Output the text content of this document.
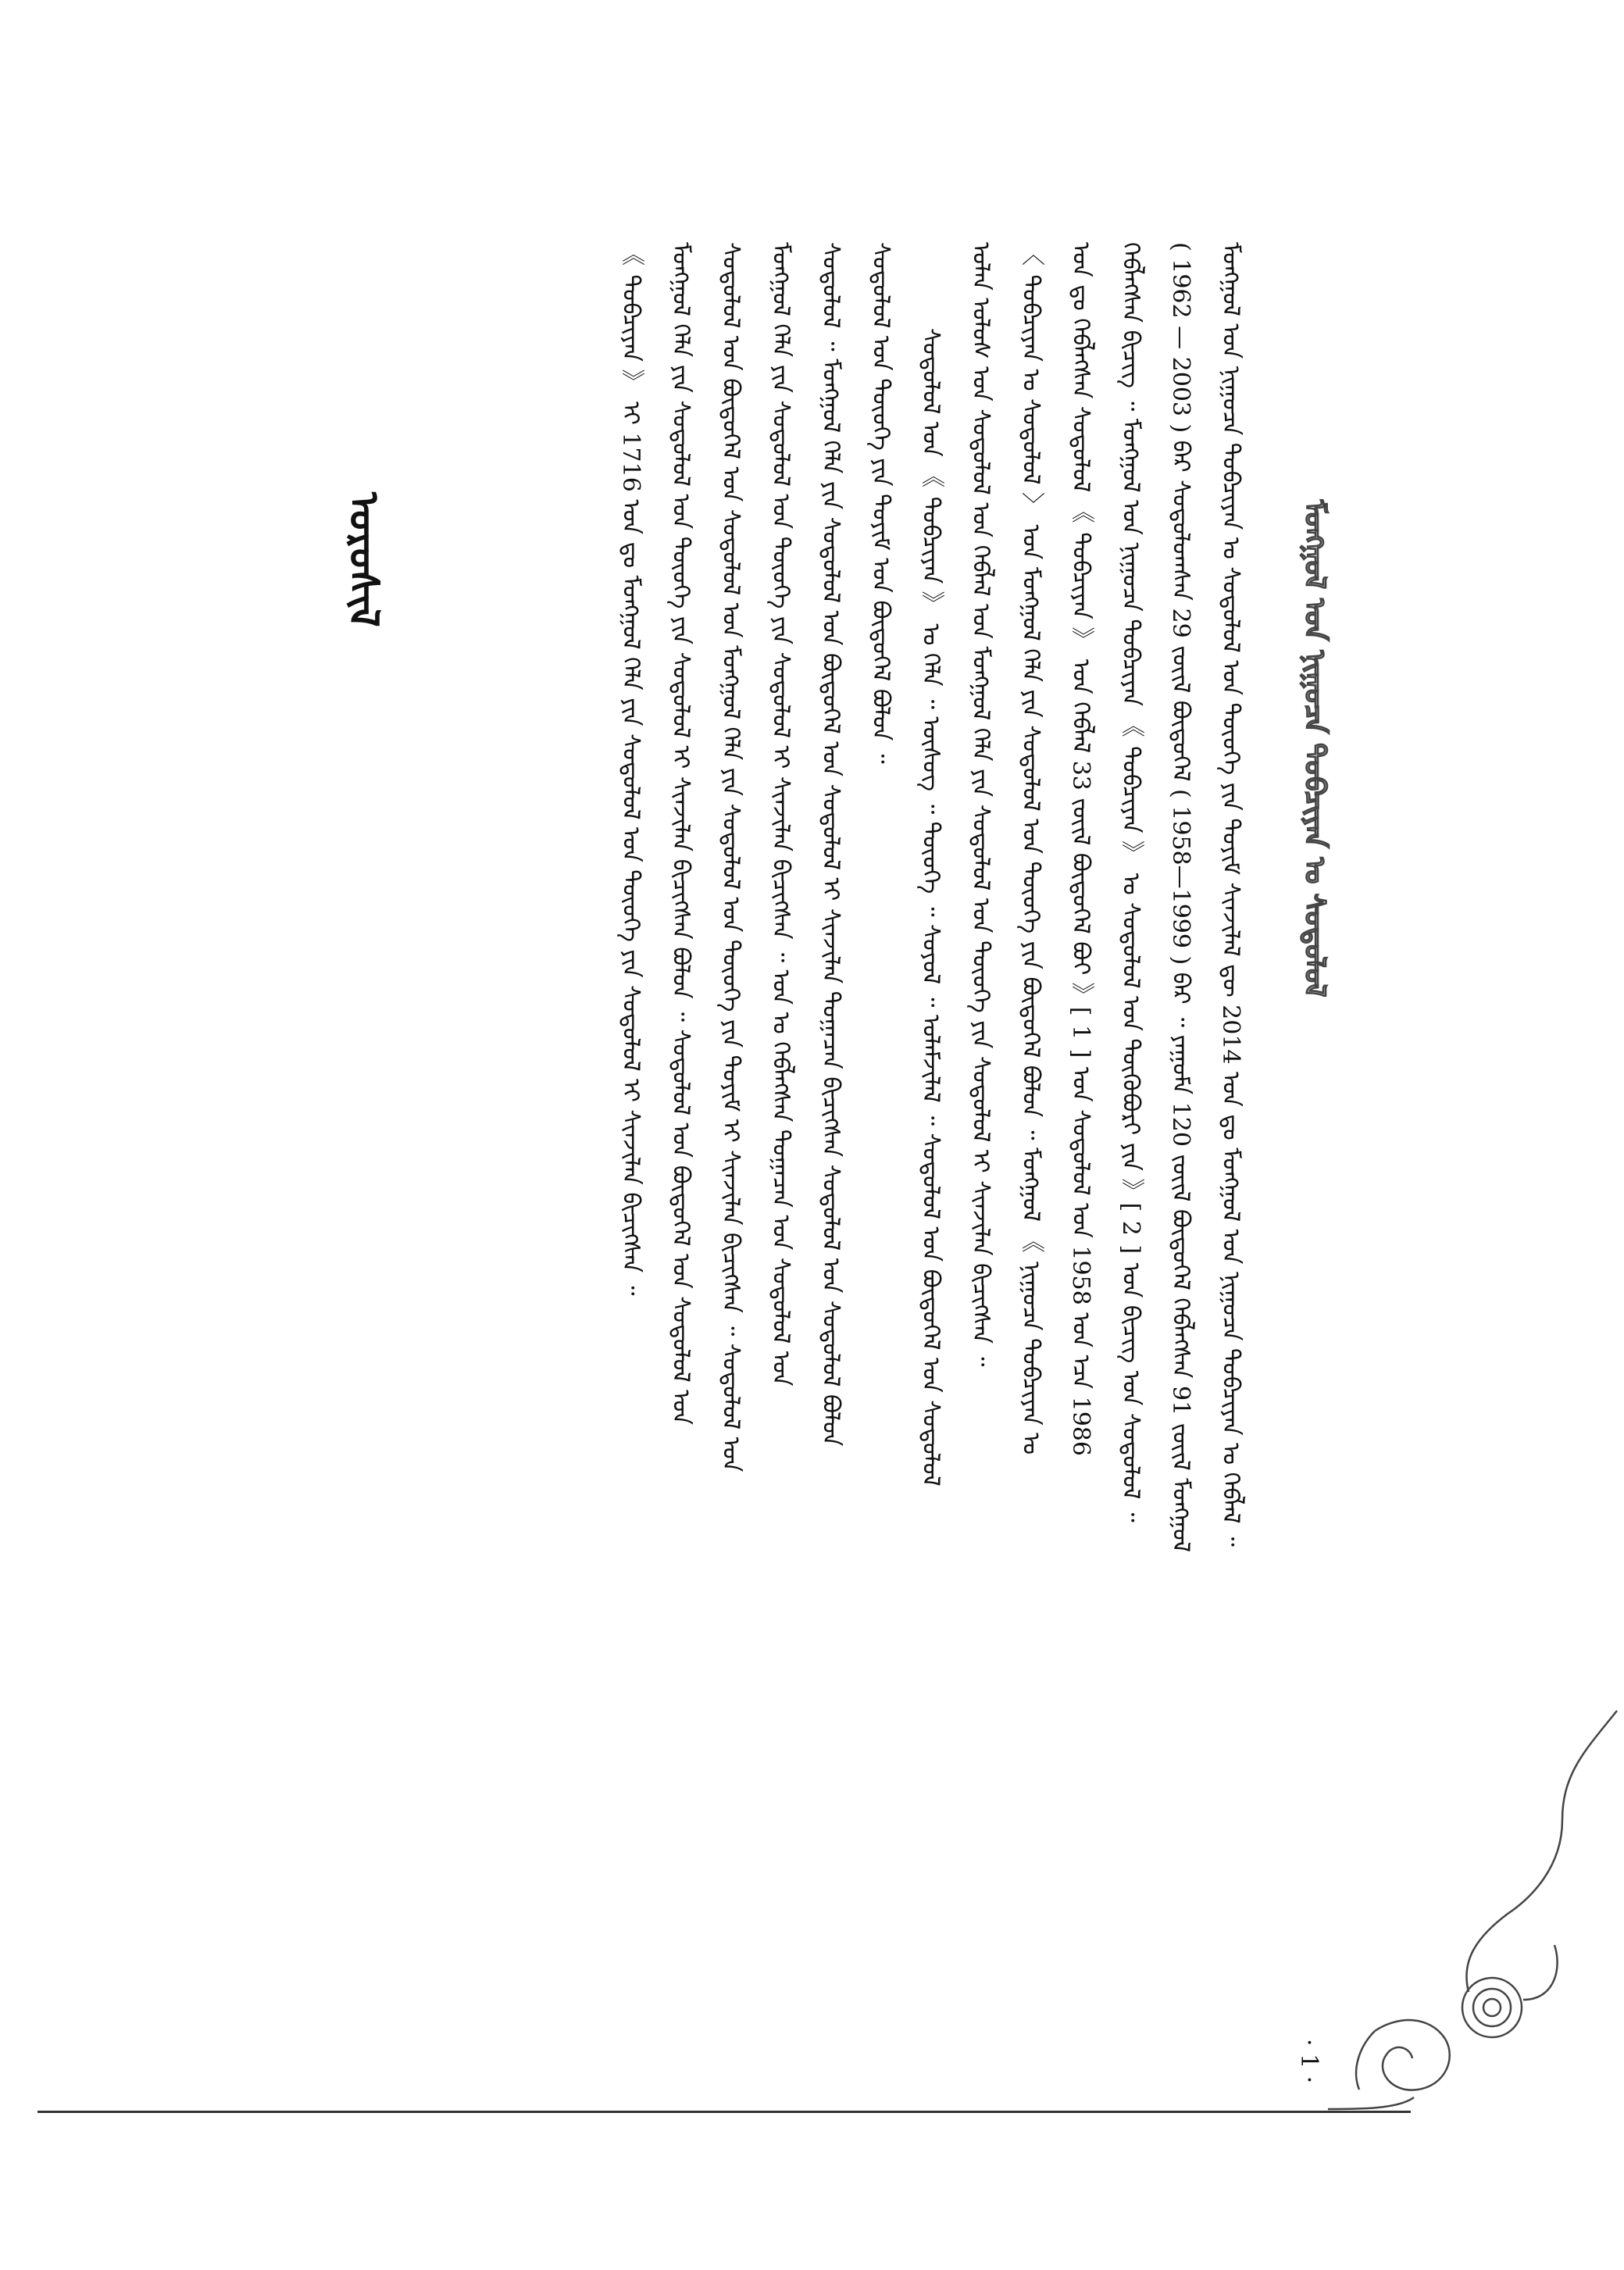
ᠮᠣᠩᠭᠣᠯ ᠤᠨ ᠨᠢᠭᠤᠴᠠ ᠲᠣᠪᠴᠢᠶᠠᠨ ᠤ ᠰᠤᠳᠤᠯᠤᠯ
· 1 ·
ᠣᠷᠣᠰᠢᠯ	ᠮᠣᠩᠭᠣᠯ ᠤᠨ ᠨᠢᠭᠤᠴᠠ ᠲᠣᠪᠴᠢᠶᠠᠨ ᠤ ᠰᠤᠳᠤᠯᠤᠯ ᠤᠨ ᠲᠦᠦᠬᠡ ᠶᠢᠨ ᠲᠣᠶᠢᠮ ᠰᠢᠨᠵᠢᠯᠡᠯ ᠳᠦ 2014 ᠣᠨ ᠳᠤ ᠮᠣᠩᠭᠣᠯ ᠤᠨ ᠨᠢᠭᠤᠴᠠ ᠲᠣᠪᠴᠢᠶᠠᠨ ᠤ ᠬᠡᠪᠯᠡᠯ ᠃
( 1962 — 2003 ) ᠪᠡᠷ ᠰᠣᠳᠤᠯᠤᠭᠰᠠᠨ 29 ᠵᠦᠢᠯ ᠪᠦᠲᠦᠭᠡᠯ ( 1958—1999 ) ᠪᠡᠷ ᠃ ᠶᠠᠭᠤᠮᠠ 120 ᠵᠦᠢᠯ ᠪᠦᠲᠦᠭᠡᠯ ᠬᠡᠪᠯᠡᠭᠰᠡᠨ 91 ᠵᠦᠢᠯ ᠮᠣᠩᠭᠣᠯ
ᠬᠡᠪᠯᠡᠭᠰᠡᠨ ᠪᠢᠴᠢᠭ᠌ ᠃ ᠮᠣᠩᠭᠣᠯ ᠤᠨ ᠨᠢᠭᠤᠴᠠ ᠲᠣᠪᠴᠢᠶᠠᠨ 《 ᠲᠣᠪᠴᠢᠶᠠᠨ 》 ᠤ ᠰᠤᠳᠤᠯᠤᠯ ᠤᠨ ᠲᠦᠭᠦᠪᠦᠷᠢ ᠶᠢᠨ 》[ 2 ] ᠤᠨ ᠪᠢᠴᠢᠭ᠌ ᠤᠨ ᠰᠤᠳᠤᠯᠤᠯ ᠃
ᠣᠨ ᠳᠤ ᠬᠡᠪᠯᠡᠭᠰᠡᠨ ᠰᠤᠳᠤᠯᠤᠯ 《 ᠲᠣᠪᠴᠢᠶᠠᠨ 》 ᠤᠨ ᠬᠡᠪᠯᠡᠯ 33 ᠵᠦᠢᠯ ᠪᠦᠲᠦᠭᠡᠯ ᠪᠤᠶ 》[ 1 ] ᠤᠨ ᠰᠤᠳᠤᠯᠤᠯ ᠣᠨ 1958 ᠣᠨ ᠡᠴᠡ 1986
〈 ᠲᠣᠪᠴᠢᠶᠠᠨ ᠤ ᠰᠤᠳᠤᠯᠤᠯ 〉 ᠤᠨ ᠮᠣᠩᠭᠣᠯ ᠬᠡᠯᠡ ᠶᠢᠨ ᠰᠤᠳᠤᠯᠤᠯ ᠤᠨ ᠲᠦᠦᠬᠡ ᠶᠢᠨ ᠪᠦᠲᠦᠭᠡᠯ ᠪᠣᠯᠤᠨ ᠃ ᠮᠣᠩᠭᠣᠯ 《 ᠨᠢᠭᠤᠴᠠ ᠲᠣᠪᠴᠢᠶᠠᠨ ᠤ
ᠣᠯᠠᠨ ᠤᠯᠤᠰ ᠤᠨ ᠰᠤᠳᠤᠯᠤᠯ ᠤᠨ ᠬᠡᠪᠯᠡᠯ ᠤᠨ ᠮᠣᠩᠭᠣᠯ ᠬᠡᠯᠡ ᠶᠢᠨ ᠰᠤᠳᠤᠯᠤᠯ ᠤᠨ ᠲᠦᠦᠬᠡ ᠶᠢᠨ ᠰᠤᠳᠤᠯᠤᠯ ᠢ ᠰᠢᠨᠵᠢᠯᠡᠨ ᠪᠢᠴᠢᠭᠰᠡᠨ ᠃
ᠰᠤᠳᠤᠯᠤᠯ ᠤᠨ 《 ᠲᠣᠪᠴᠢᠶᠠᠨ 》 ᠤ ᠬᠡᠯᠡ ᠃ ᠦᠰᠦᠭ ᠃ ᠲᠦᠦᠬᠡ ᠃ ᠰᠣᠶᠣᠯ ᠃ ᠤᠯᠠᠮᠵᠢᠯᠠᠯ ᠃ ᠰᠤᠳᠤᠯᠤᠯ ᠤᠨ ᠪᠦᠲᠦᠭᠡᠯ ᠤᠨ ᠰᠤᠳᠤᠯᠤᠯ
ᠰᠤᠳᠤᠯᠤᠯ ᠤᠨ ᠲᠦᠦᠬᠡ ᠶᠢᠨ ᠲᠣᠶᠢᠮ ᠤᠨ ᠪᠦᠲᠦᠭᠡᠯ ᠪᠣᠯᠤᠨ ᠃
ᠰᠤᠳᠤᠯᠤᠯ ᠃ ᠮᠣᠩᠭᠣᠯ ᠬᠡᠯᠡ ᠶᠢᠨ ᠰᠤᠳᠤᠯᠤᠯ ᠤᠨ ᠪᠦᠲᠦᠭᠡᠯ ᠤᠨ ᠰᠤᠳᠤᠯᠤᠯ ᠢ ᠰᠢᠨᠵᠢᠯᠡᠨ ᠲᠣᠭᠠᠴᠠᠨ ᠪᠢᠴᠢᠭᠰᠡᠨ ᠰᠣᠳᠤᠯᠤᠯ ᠤᠨ ᠰᠤᠳᠤᠯᠤᠯ ᠪᠣᠯᠤᠨ
ᠮᠣᠩᠭᠣᠯ ᠬᠡᠯᠡ ᠶᠢᠨ ᠰᠤᠳᠤᠯᠤᠯ ᠤᠨ ᠲᠦᠦᠬᠡ ᠶᠢᠨ ᠰᠤᠳᠤᠯᠤᠯ ᠢ ᠰᠢᠨᠵᠢᠯᠡᠨ ᠪᠢᠴᠢᠭᠰᠡᠨ ᠃ ᠣᠨ ᠤ ᠬᠡᠪᠯᠡᠭᠰᠡᠨ ᠲᠣᠭᠠᠴᠠᠨ ᠤᠨ ᠰᠤᠳᠤᠯᠤᠯ ᠤᠨ
ᠰᠤᠳᠤᠯᠤᠯ ᠤᠨ ᠪᠦᠲᠦᠭᠡᠯ ᠤᠨ ᠰᠤᠳᠤᠯᠤᠯ ᠤᠨ ᠮᠣᠩᠭᠣᠯ ᠬᠡᠯᠡ ᠶᠢᠨ ᠰᠤᠳᠤᠯᠤᠯ ᠤᠨ ᠲᠦᠦᠬᠡ ᠶᠢᠨ ᠲᠣᠶᠢᠮ ᠢ ᠰᠢᠨᠵᠢᠯᠡᠨ ᠪᠢᠴᠢᠭᠰᠡᠨ ᠃ ᠰᠤᠳᠤᠯᠤᠯ ᠤᠨ
ᠮᠣᠩᠭᠣᠯ ᠬᠡᠯᠡ ᠶᠢᠨ ᠰᠤᠳᠤᠯᠤᠯ ᠤᠨ ᠲᠦᠦᠬᠡ ᠶᠢᠨ ᠰᠤᠳᠤᠯᠤᠯ ᠢ ᠰᠢᠨᠵᠢᠯᠡᠨ ᠪᠢᠴᠢᠭᠰᠡᠨ ᠪᠣᠯᠤᠨ ᠃ ᠰᠤᠳᠤᠯᠤᠯ ᠤᠨ ᠪᠦᠲᠦᠭᠡᠯ ᠤᠨ ᠰᠤᠳᠤᠯᠤᠯ ᠤᠨ
《 ᠲᠣᠪᠴᠢᠶᠠᠨ 》 ᠢ 1716 ᠣᠨ ᠳᠤ ᠮᠣᠩᠭᠣᠯ ᠬᠡᠯᠡ ᠶᠢᠨ ᠰᠤᠳᠤᠯᠤᠯ ᠤᠨ ᠲᠦᠦᠬᠡ ᠶᠢᠨ ᠰᠤᠳᠤᠯᠤᠯ ᠢ ᠰᠢᠨᠵᠢᠯᠡᠨ ᠪᠢᠴᠢᠭᠰᠡᠨ ᠃
